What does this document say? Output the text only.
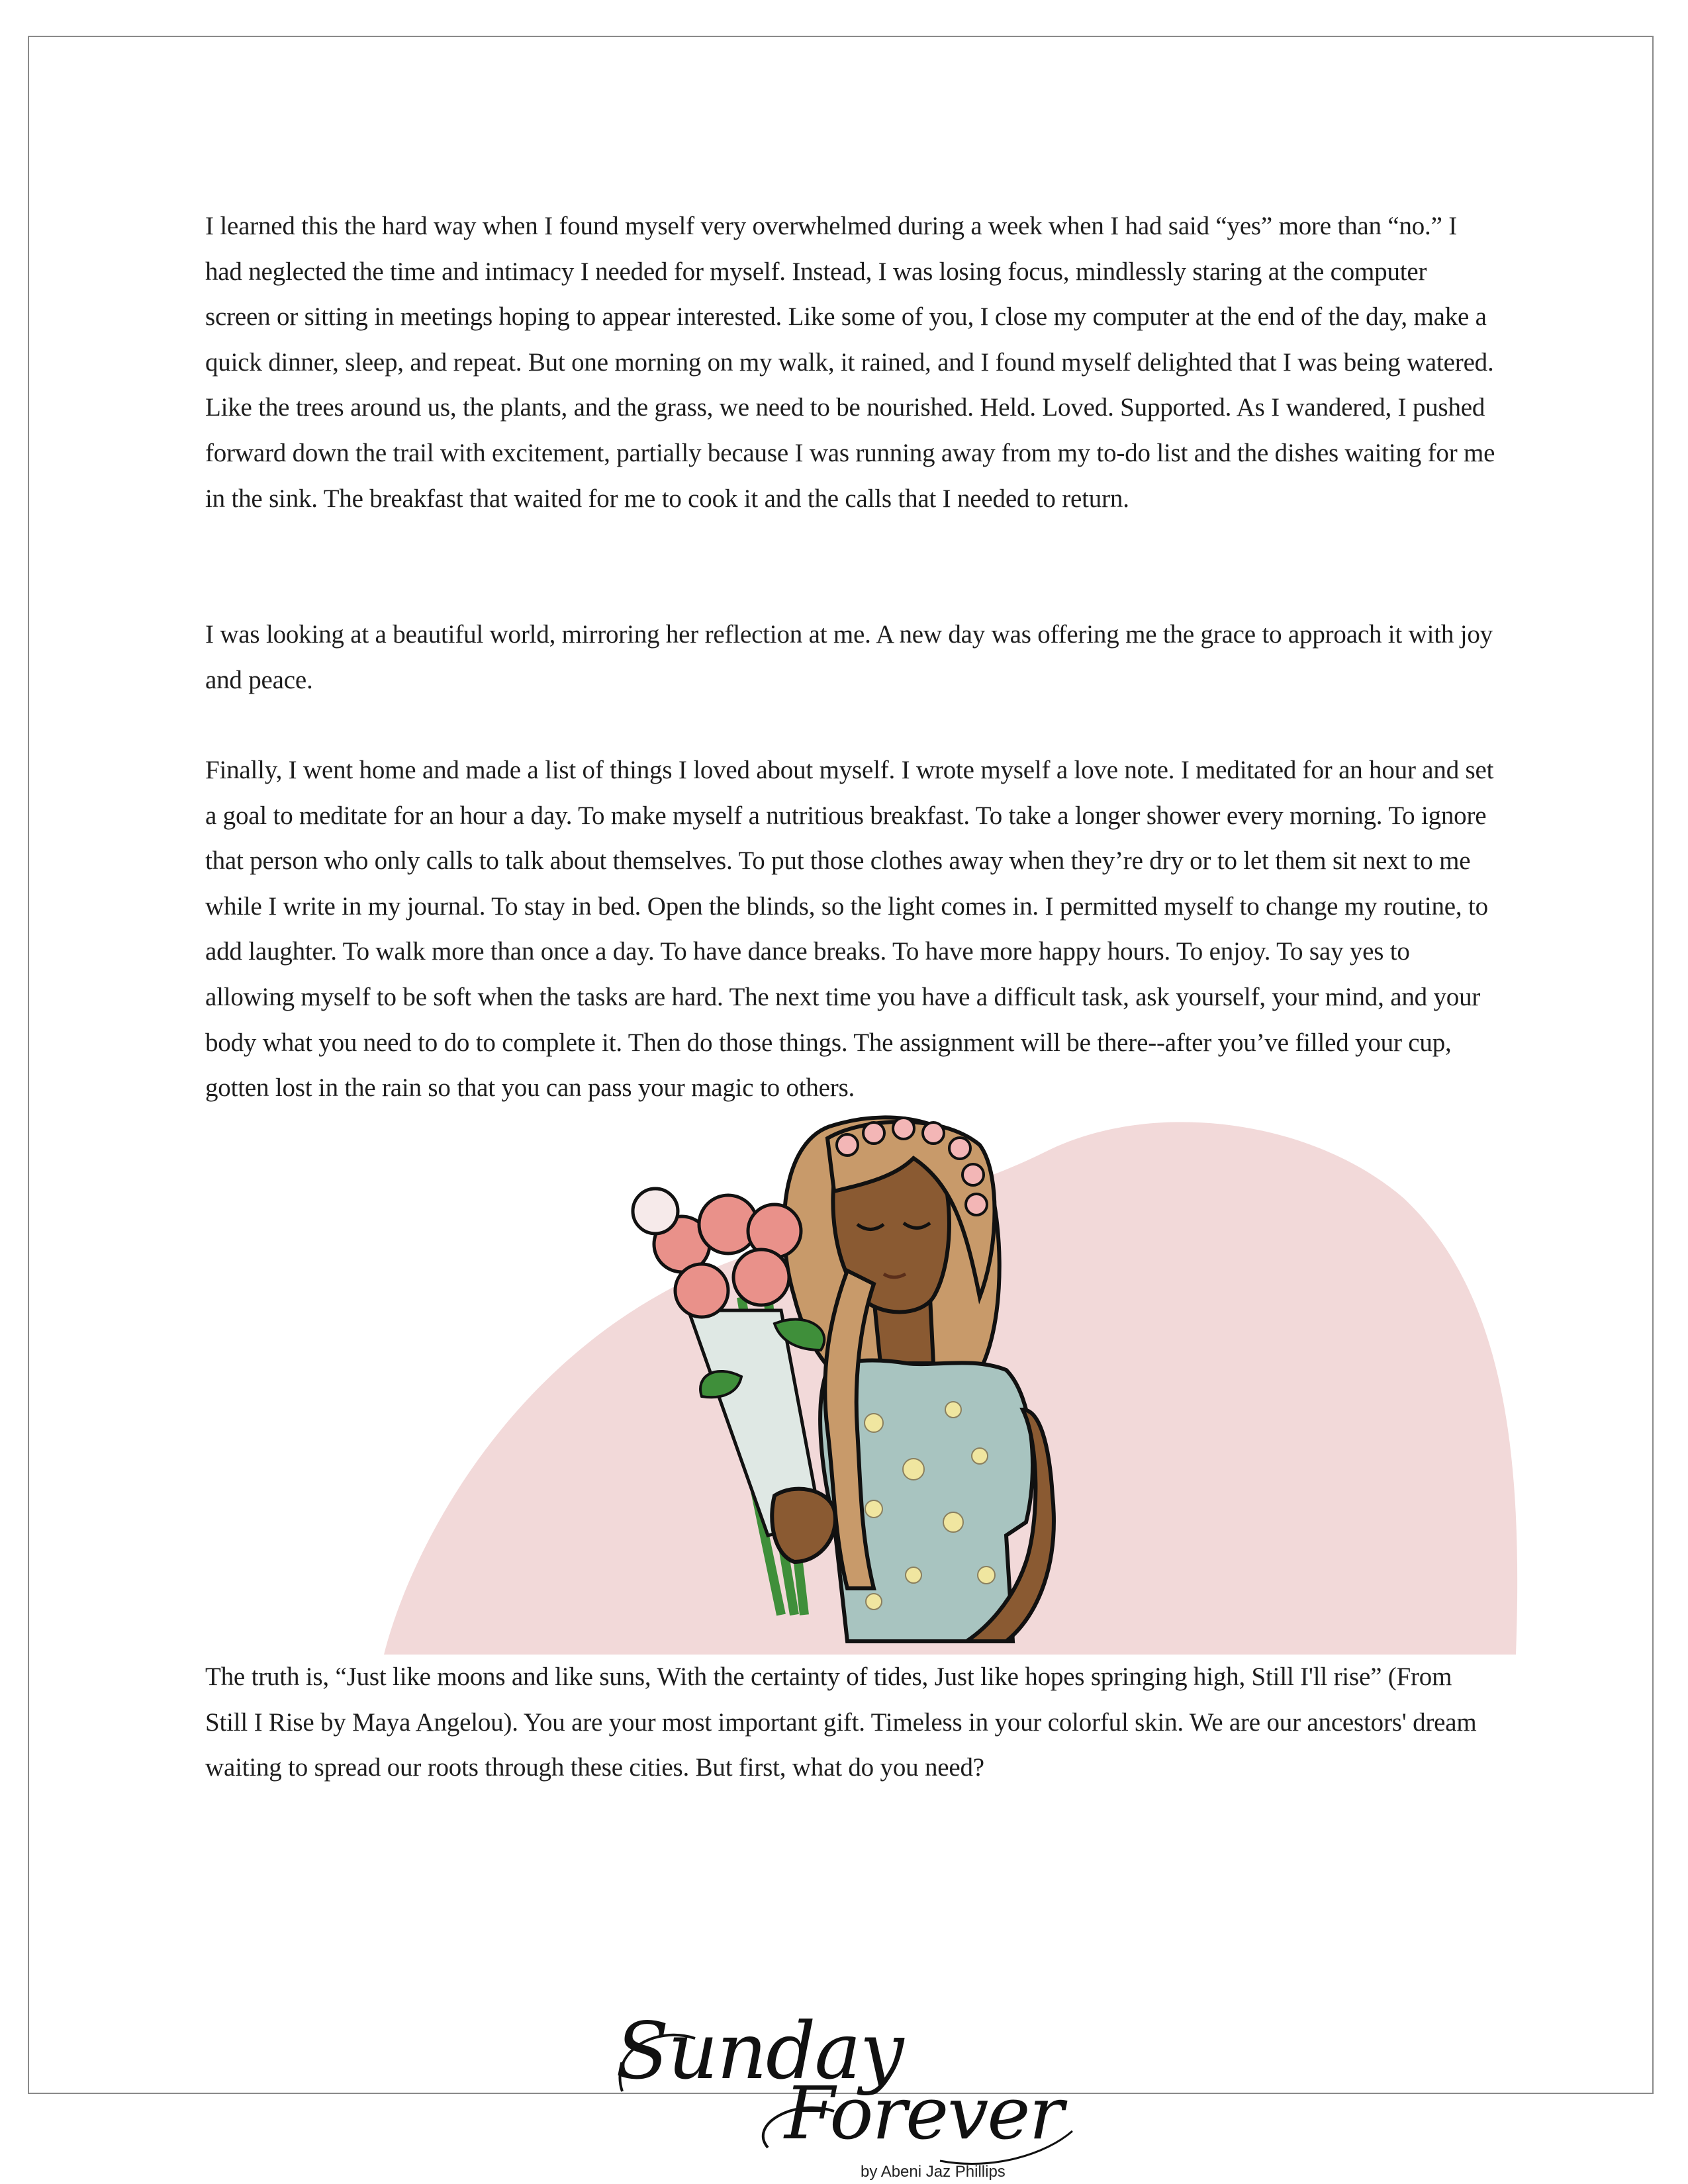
I learned this the hard way when I found myself very overwhelmed during a week when I had said “yes” more than “no.” I had neglected the time and intimacy I needed for myself. Instead, I was losing focus, mindlessly staring at the computer screen or sitting in meetings hoping to appear interested. Like some of you, I close my computer at the end of the day, make a quick dinner, sleep, and repeat. But one morning on my walk, it rained, and I found myself delighted that I was being watered. Like the trees around us, the plants, and the grass, we need to be nourished. Held. Loved. Supported. As I wandered, I pushed forward down the trail with excitement, partially because I was running away from my to-do list and the dishes waiting for me in the sink. The breakfast that waited for me to cook it and the calls that I needed to return.

I was looking at a beautiful world, mirroring her reflection at me. A new day was offering me the grace to approach it with joy and peace.

Finally, I went home and made a list of things I loved about myself. I wrote myself a love note. I meditated for an hour and set a goal to meditate for an hour a day. To make myself a nutritious breakfast. To take a longer shower every morning. To ignore that person who only calls to talk about themselves. To put those clothes away when they’re dry or to let them sit next to me while I write in my journal. To stay in bed. Open the blinds, so the light comes in. I permitted myself to change my routine, to add laughter. To walk more than once a day. To have dance breaks. To have more happy hours. To enjoy. To say yes to allowing myself to be soft when the tasks are hard. The next time you have a difficult task, ask yourself, your mind, and your body what you need to do to complete it. Then do those things. The assignment will be there--after you’ve filled your cup, gotten lost in the rain so that you can pass your magic to others.

The truth is, “Just like moons and like suns, With the certainty of tides, Just like hopes springing high, Still I'll rise” (From Still I Rise by Maya Angelou). You are your most important gift. Timeless in your colorful skin. We are our ancestors' dream waiting to spread our roots through these cities. But first, what do you need?

Sunday
Forever
by Abeni Jaz Phillips
